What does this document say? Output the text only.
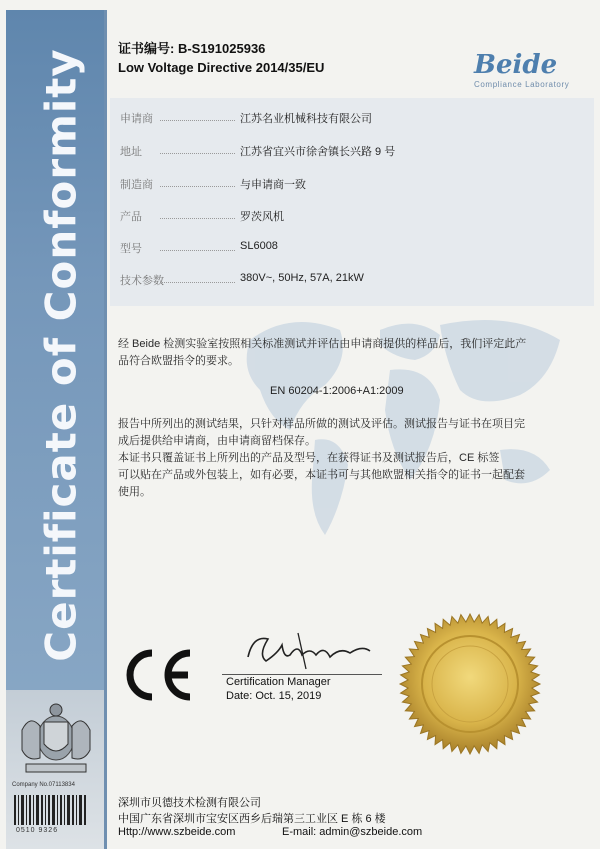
Certificate of Conformity
Company No.07113834
0510 9326
证书编号: B-S191025936
Low Voltage Directive 2014/35/EU	Beide
Compliance Laboratory
申请商	江苏名业机械科技有限公司
地址	江苏省宜兴市徐舍镇长兴路 9 号
制造商	与申请商一致
产品	罗茨风机
型号	SL6008
技术参数	380V~, 50Hz, 57A, 21kW
经 Beide 检测实验室按照相关标准测试并评估由申请商提供的样品后，我们评定此产
品符合欧盟指令的要求。
EN 60204-1:2006+A1:2009
报告中所列出的测试结果，只针对样品所做的测试及评估。测试报告与证书在项目完
成后提供给申请商，由申请商留档保存。
本证书只覆盖证书上所列出的产品及型号，在获得证书及测试报告后，CE 标签
可以贴在产品或外包装上，如有必要，本证书可与其他欧盟相关指令的证书一起配套
使用。
Certification Manager
Date: Oct. 15, 2019
深圳市贝德技术检测有限公司
中国广东省深圳市宝安区西乡后瑞第三工业区 E 栋 6 楼
Http://www.szbeide.com	E-mail: admin@szbeide.com
